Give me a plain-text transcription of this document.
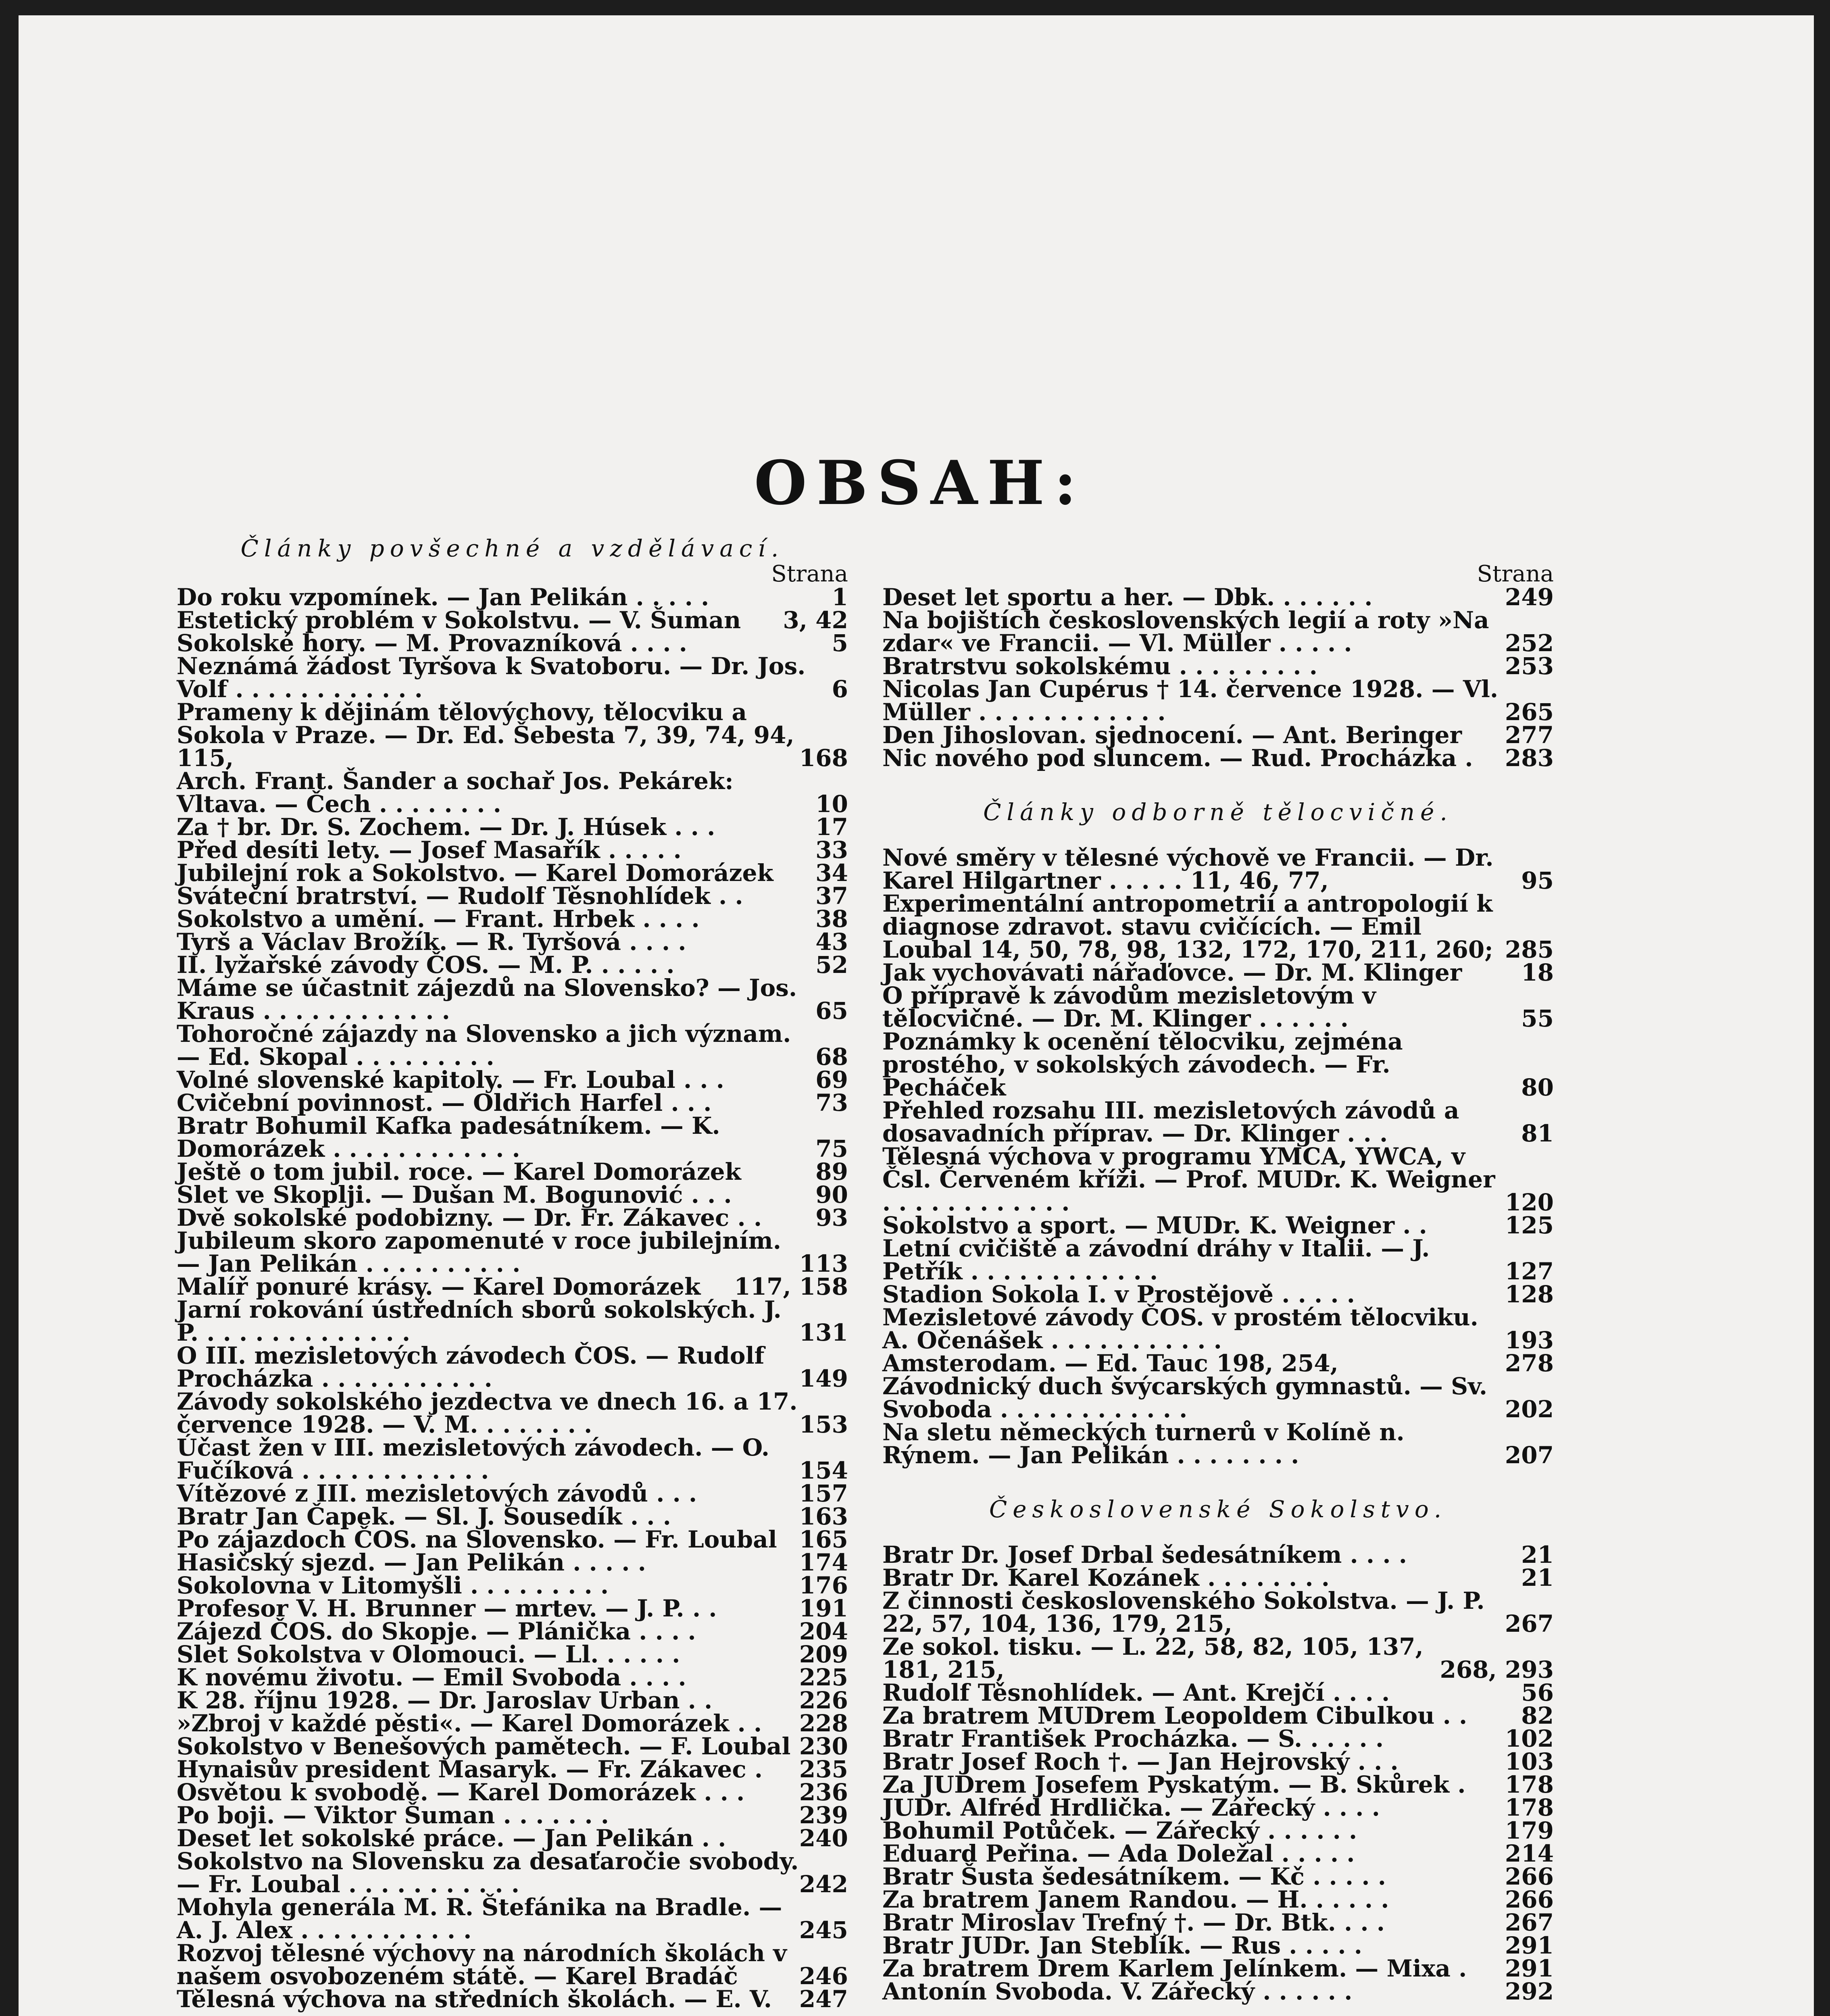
OBSAH:
Články povšechné a vzdělávací.
Strana
Do roku vzpomínek. — Jan Pelikán . . . . .	1
Estetický problém v Sokolstvu. — V. Šuman	3, 42
Sokolské hory. — M. Provazníková . . . .	5
Neznámá žádost Tyršova k Svatoboru. — Dr. Jos. Volf . . . . . . . . . . . .	6
Prameny k dějinám tělovýchovy, tělocviku a Sokola v Praze. — Dr. Ed. Šebesta 7, 39, 74, 94, 115,	168
Arch. Frant. Šander a sochař Jos. Pekárek: Vltava. — Čech . . . . . . . .	10
Za † br. Dr. S. Zochem. — Dr. J. Húsek . . .	17
Před desíti lety. — Josef Masařík . . . . .	33
Jubilejní rok a Sokolstvo. — Karel Domorázek	34
Sváteční bratrství. — Rudolf Těsnohlídek . .	37
Sokolstvo a umění. — Frant. Hrbek . . . .	38
Tyrš a Václav Brožík. — R. Tyršová . . . .	43
II. lyžařské závody ČOS. — M. P. . . . . .	52
Máme se účastnit zájezdů na Slovensko? — Jos. Kraus . . . . . . . . . . . .	65
Tohoročné zájazdy na Slovensko a jich význam. — Ed. Skopal . . . . . . . . .	68
Volné slovenské kapitoly. — Fr. Loubal . . .	69
Cvičební povinnost. — Oldřich Harfel . . .	73
Bratr Bohumil Kafka padesátníkem. — K. Domorázek . . . . . . . . . . . .	75
Ještě o tom jubil. roce. — Karel Domorázek	89
Slet ve Skoplji. — Dušan M. Bogunović . . .	90
Dvě sokolské podobizny. — Dr. Fr. Zákavec . .	93
Jubileum skoro zapomenuté v roce jubilejním. — Jan Pelikán . . . . . . . . . .	113
Malíř ponuré krásy. — Karel Domorázek	117, 158
Jarní rokování ústředních sborů sokolských. J. P. . . . . . . . . . . . . .	131
O III. mezisletových závodech ČOS. — Rudolf Procházka . . . . . . . . . . .	149
Závody sokolského jezdectva ve dnech 16. a 17. července 1928. — V. M. . . . . . . .	153
Účast žen v III. mezisletových závodech. — O. Fučíková . . . . . . . . . . . .	154
Vítězové z III. mezisletových závodů . . .	157
Bratr Jan Čapek. — Sl. J. Sousedík . . .	163
Po zájazdoch ČOS. na Slovensko. — Fr. Loubal 165
Hasičský sjezd. — Jan Pelikán . . . . .	174
Sokolovna v Litomyšli . . . . . . . . .	176
Profesor V. H. Brunner — mrtev. — J. P. . .	191
Zájezd ČOS. do Skopje. — Plánička . . . .	204
Slet Sokolstva v Olomouci. — Ll. . . . . .	209
K novému životu. — Emil Svoboda . . . .	225
K 28. říjnu 1928. — Dr. Jaroslav Urban . .	226
»Zbroj v každé pěsti«. — Karel Domorázek . .	228
Sokolstvo v Benešových pamětech. — F. Loubal 230
Hynaisův president Masaryk. — Fr. Zákavec .	235
Osvětou k svobodě. — Karel Domorázek . . .	236
Po boji. — Viktor Šuman . . . . . . .	239
Deset let sokolské práce. — Jan Pelikán . .	240
Sokolstvo na Slovensku za desaťaročie svobody. — Fr. Loubal . . . . . . . . . . .	242
Mohyla generála M. R. Štefánika na Bradle. — A. J. Alex . . . . . . . . . . .	245
Rozvoj tělesné výchovy na národních školách v našem osvobozeném státě. — Karel Bradáč	246
Tělesná výchova na středních školách. — E. V.	247
Strana
Deset let sportu a her. — Dbk. . . . . . .	249
Na bojištích československých legií a roty »Na zdar« ve Francii. — Vl. Müller . . . . .	252
Bratrstvu sokolskému . . . . . . . . .	253
Nicolas Jan Cupérus † 14. července 1928. — Vl. Müller . . . . . . . . . . . .	265
Den Jihoslovan. sjednocení. — Ant. Beringer	277
Nic nového pod sluncem. — Rud. Procházka .	283
Články odborně tělocvičné.
Nové směry v tělesné výchově ve Francii. — Dr. Karel Hilgartner . . . . . 11, 46, 77,	95
Experimentální antropometrií a antropologií k diagnose zdravot. stavu cvičících. — Emil Loubal 14, 50, 78, 98, 132, 172, 170, 211, 260; 285
Jak vychovávati nářaďovce. — Dr. M. Klinger	18
O přípravě k závodům mezisletovým v tělocvičné. — Dr. M. Klinger . . . . . .	55
Poznámky k ocenění tělocviku, zejména prostého, v sokolských závodech. — Fr. Pecháček	80
Přehled rozsahu III. mezisletových závodů a dosavadních příprav. — Dr. Klinger . . .	81
Tělesná výchova v programu YMCA, YWCA, v Čsl. Červeném kříži. — Prof. MUDr. K. Weigner . . . . . . . . . . . .	120
Sokolstvo a sport. — MUDr. K. Weigner . .	125
Letní cvičiště a závodní dráhy v Italii. — J. Petřík . . . . . . . . . . . .	127
Stadion Sokola I. v Prostějově . . . . .	128
Mezisletové závody ČOS. v prostém tělocviku. A. Očenášek . . . . . . . . . . .	193
Amsterodam. — Ed. Tauc 198, 254,	278
Závodnický duch švýcarských gymnastů. — Sv. Svoboda . . . . . . . . . . . .	202
Na sletu německých turnerů v Kolíně n. Rýnem. — Jan Pelikán . . . . . . . .	207
Československé Sokolstvo.
Bratr Dr. Josef Drbal šedesátníkem . . . .	21
Bratr Dr. Karel Kozánek . . . . . . . .	21
Z činnosti československého Sokolstva. — J. P. 22, 57, 104, 136, 179, 215,	267
Ze sokol. tisku. — L. 22, 58, 82, 105, 137, 181, 215,	268, 293
Rudolf Těsnohlídek. — Ant. Krejčí . . . .	56
Za bratrem MUDrem Leopoldem Cibulkou . .	82
Bratr František Procházka. — S. . . . . .	102
Bratr Josef Roch †. — Jan Hejrovský . . .	103
Za JUDrem Josefem Pyskatým. — B. Skůrek .	178
JUDr. Alfréd Hrdlička. — Zářecký . . . .	178
Bohumil Potůček. — Zářecký . . . . . .	179
Eduard Peřina. — Ada Doležal . . . . .	214
Bratr Šusta šedesátníkem. — Kč . . . . .	266
Za bratrem Janem Randou. — H. . . . . .	266
Bratr Miroslav Trefný †. — Dr. Btk. . . .	267
Bratr JUDr. Jan Steblík. — Rus . . . . .	291
Za bratrem Drem Karlem Jelínkem. — Mixa .	291
Antonín Svoboda. V. Zářecký . . . . . .	292
